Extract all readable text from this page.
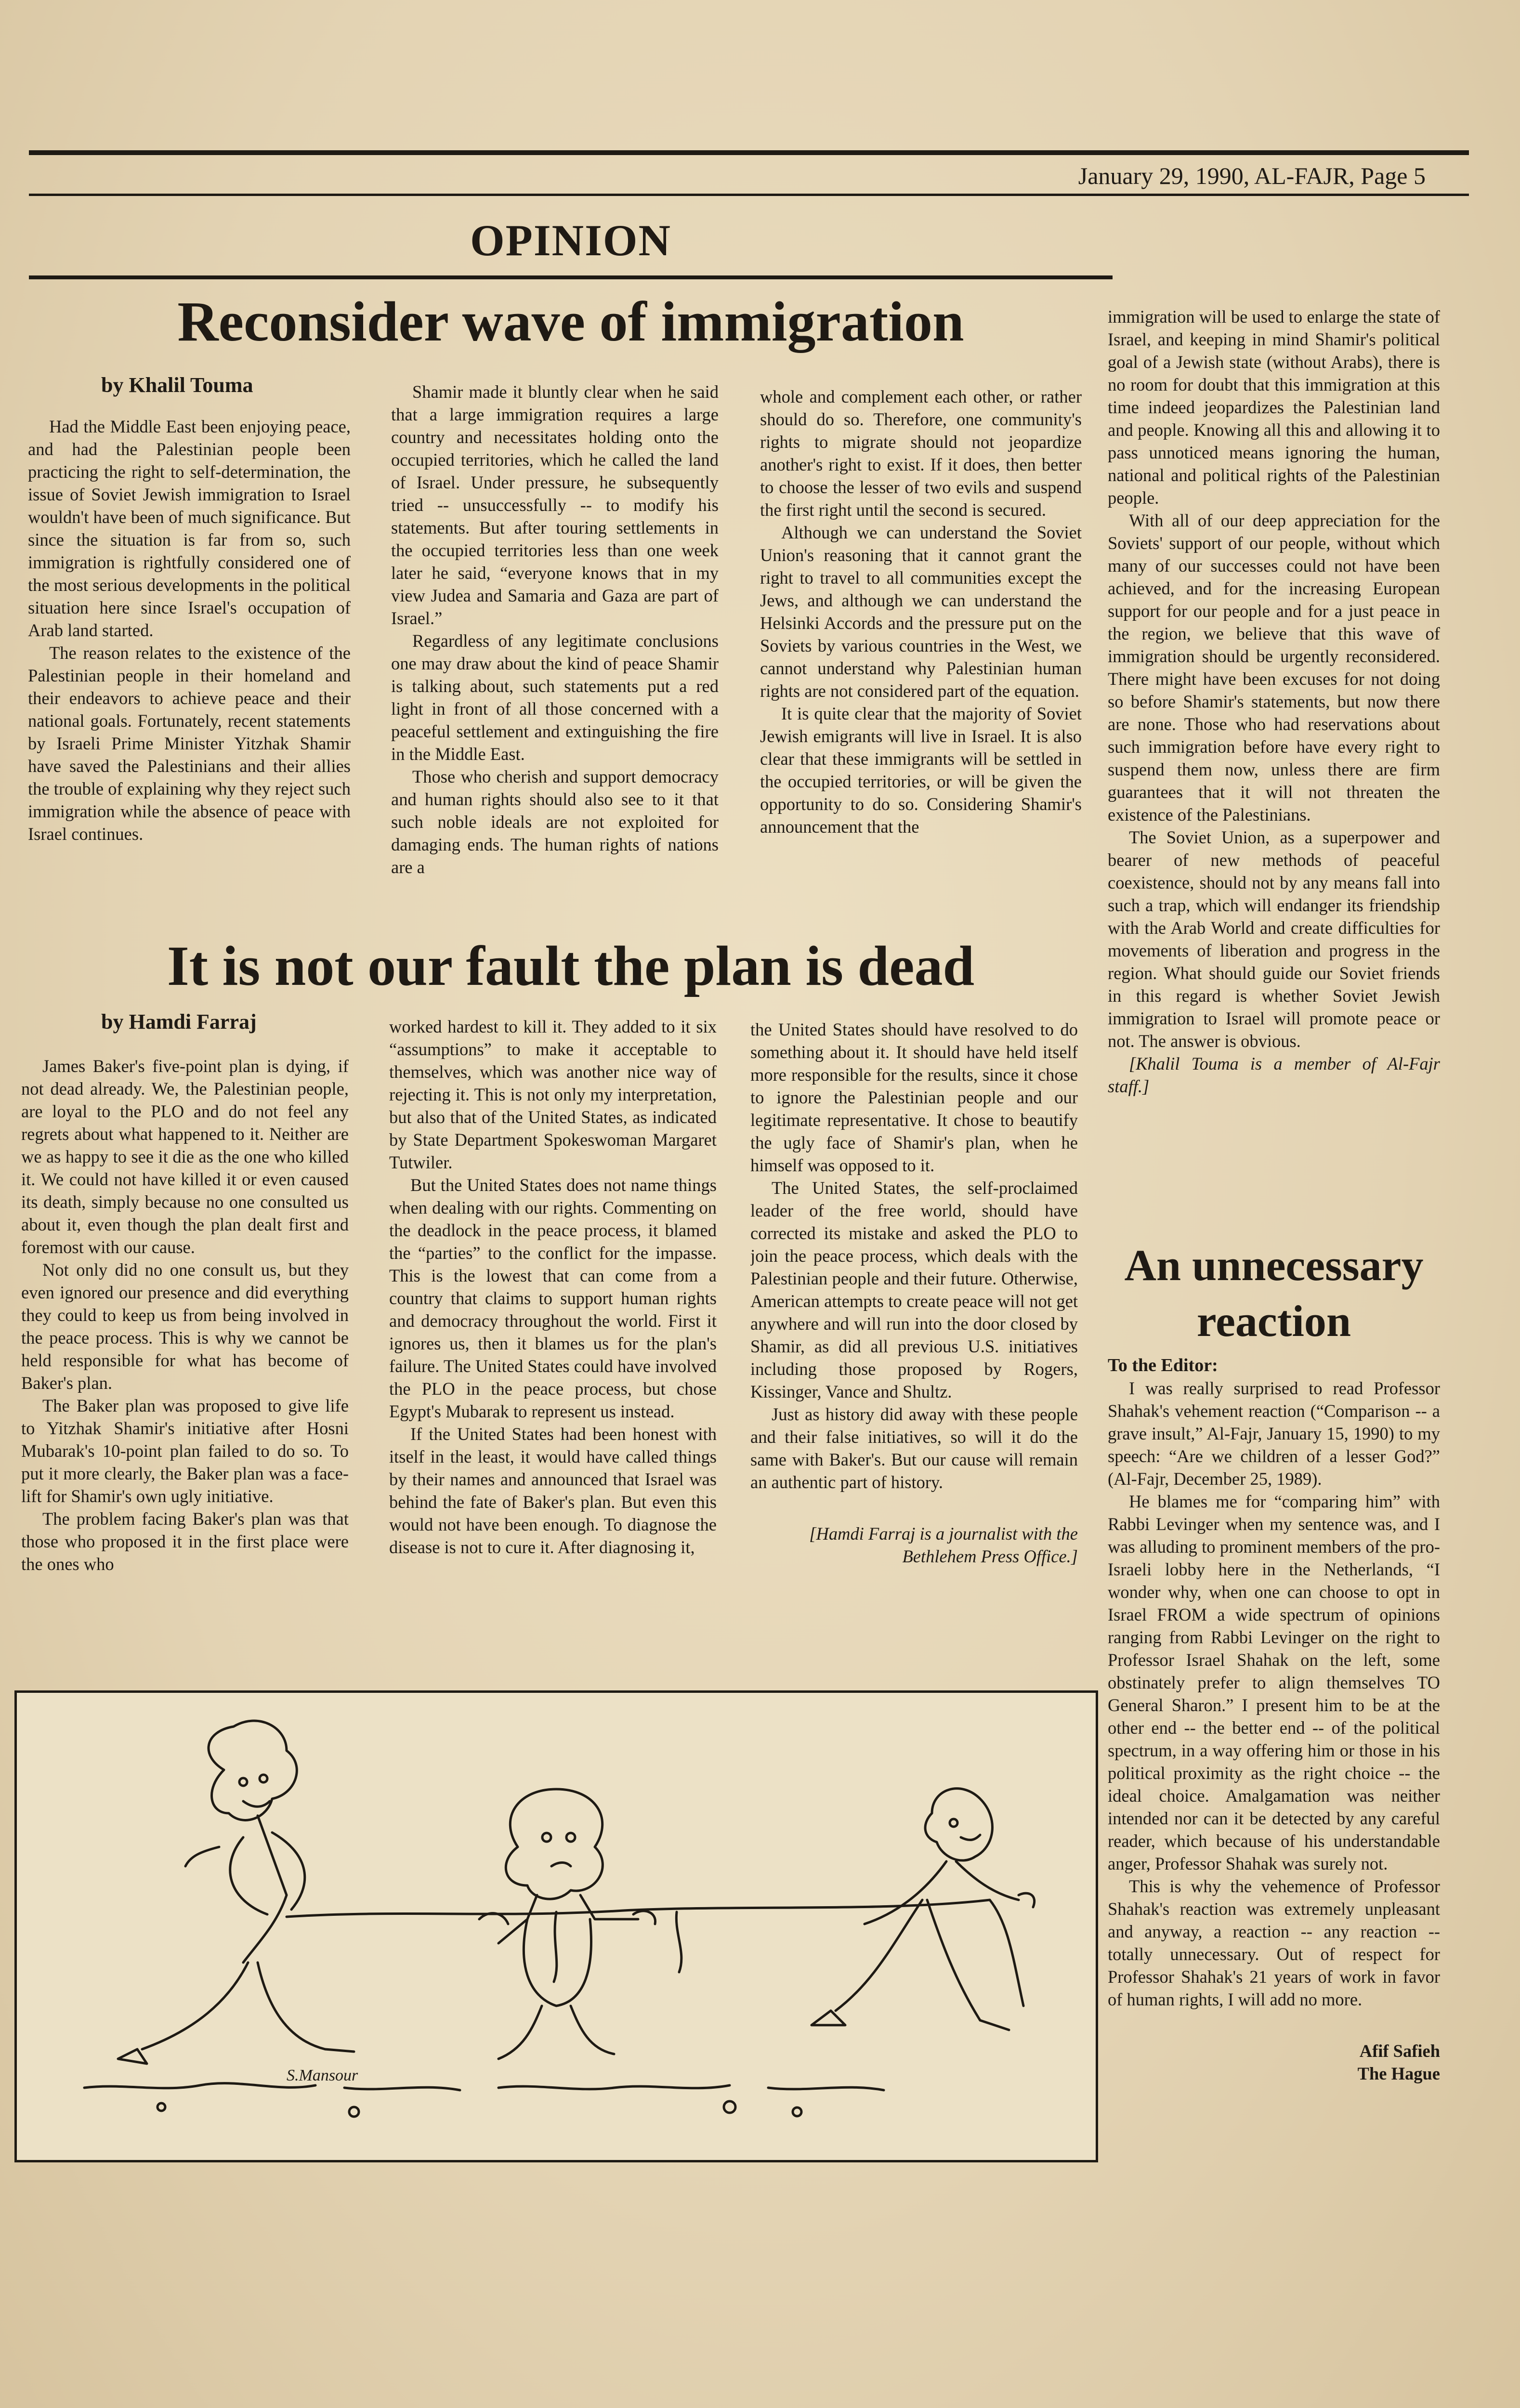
January 29, 1990, AL-FAJR, Page 5
OPINION
Reconsider wave of immigration
by Khalil Touma

Had the Middle East been enjoying peace, and had the Palestinian people been practicing the right to self-determination, the issue of Soviet Jewish immigration to Israel wouldn't have been of much significance. But since the situation is far from so, such immigration is rightfully considered one of the most serious developments in the political situation here since Israel's occupation of Arab land started.

The reason relates to the existence of the Palestinian people in their homeland and their endeavors to achieve peace and their national goals. Fortunately, recent statements by Israeli Prime Minister Yitzhak Shamir have saved the Palestinians and their allies the trouble of explaining why they reject such immigration while the absence of peace with Israel continues.

Shamir made it bluntly clear when he said that a large immigration requires a large country and necessitates holding onto the occupied territories, which he called the land of Israel. Under pressure, he subsequently tried -- unsuccessfully -- to modify his statements. But after touring settlements in the occupied territories less than one week later he said, “everyone knows that in my view Judea and Samaria and Gaza are part of Israel.”

Regardless of any legitimate conclusions one may draw about the kind of peace Shamir is talking about, such statements put a red light in front of all those concerned with a peaceful settlement and extinguishing the fire in the Middle East.

Those who cherish and support democracy and human rights should also see to it that such noble ideals are not exploited for damaging ends. The human rights of nations are a

whole and complement each other, or rather should do so. Therefore, one community's rights to migrate should not jeopardize another's right to exist. If it does, then better to choose the lesser of two evils and suspend the first right until the second is secured.

Although we can understand the Soviet Union's reasoning that it cannot grant the right to travel to all communities except the Jews, and although we can understand the Helsinki Accords and the pressure put on the Soviets by various countries in the West, we cannot understand why Palestinian human rights are not considered part of the equation.

It is quite clear that the majority of Soviet Jewish emigrants will live in Israel. It is also clear that these immigrants will be settled in the occupied territories, or will be given the opportunity to do so. Considering Shamir's announcement that the

immigration will be used to enlarge the state of Israel, and keeping in mind Shamir's political goal of a Jewish state (without Arabs), there is no room for doubt that this immigration at this time indeed jeopardizes the Palestinian land and people. Knowing all this and allowing it to pass unnoticed means ignoring the human, national and political rights of the Palestinian people.

With all of our deep appreciation for the Soviets' support of our people, without which many of our successes could not have been achieved, and for the increasing European support for our people and for a just peace in the region, we believe that this wave of immigration should be urgently reconsidered. There might have been excuses for not doing so before Shamir's statements, but now there are none. Those who had reservations about such immigration before have every right to suspend them now, unless there are firm guarantees that it will not threaten the existence of the Palestinians.

The Soviet Union, as a superpower and bearer of new methods of peaceful coexistence, should not by any means fall into such a trap, which will endanger its friendship with the Arab World and create difficulties for movements of liberation and progress in the region. What should guide our Soviet friends in this regard is whether Soviet Jewish immigration to Israel will promote peace or not. The answer is obvious.

[Khalil Touma is a member of Al-Fajr staff.]

An unnecessary
reaction

To the Editor:

I was really surprised to read Professor Shahak's vehement reaction (“Comparison -- a grave insult,” Al-Fajr, January 15, 1990) to my speech: “Are we children of a lesser God?” (Al-Fajr, December 25, 1989).

He blames me for “comparing him” with Rabbi Levinger when my sentence was, and I was alluding to prominent members of the pro-Israeli lobby here in the Netherlands, “I wonder why, when one can choose to opt in Israel FROM a wide spectrum of opinions ranging from Rabbi Levinger on the right to Professor Israel Shahak on the left, some obstinately prefer to align themselves TO General Sharon.” I present him to be at the other end -- the better end -- of the political spectrum, in a way offering him or those in his political proximity as the right choice -- the ideal choice. Amalgamation was neither intended nor can it be detected by any careful reader, which because of his understandable anger, Professor Shahak was surely not.

This is why the vehemence of Professor Shahak's reaction was extremely unpleasant and anyway, a reaction -- any reaction -- totally unnecessary. Out of respect for Professor Shahak's 21 years of work in favor of human rights, I will add no more.

Afif Safieh

The Hague

It is not our fault the plan is dead
by Hamdi Farraj

James Baker's five-point plan is dying, if not dead already. We, the Palestinian people, are loyal to the PLO and do not feel any regrets about what happened to it. Neither are we as happy to see it die as the one who killed it. We could not have killed it or even caused its death, simply because no one consulted us about it, even though the plan dealt first and foremost with our cause.

Not only did no one consult us, but they even ignored our presence and did everything they could to keep us from being involved in the peace process. This is why we cannot be held responsible for what has become of Baker's plan.

The Baker plan was proposed to give life to Yitzhak Shamir's initiative after Hosni Mubarak's 10-point plan failed to do so. To put it more clearly, the Baker plan was a face-lift for Shamir's own ugly initiative.

The problem facing Baker's plan was that those who proposed it in the first place were the ones who

worked hardest to kill it. They added to it six “assumptions” to make it acceptable to themselves, which was another nice way of rejecting it. This is not only my interpretation, but also that of the United States, as indicated by State Department Spokeswoman Margaret Tutwiler.

But the United States does not name things when dealing with our rights. Commenting on the deadlock in the peace process, it blamed the “parties” to the conflict for the impasse. This is the lowest that can come from a country that claims to support human rights and democracy throughout the world. First it ignores us, then it blames us for the plan's failure. The United States could have involved the PLO in the peace process, but chose Egypt's Mubarak to represent us instead.

If the United States had been honest with itself in the least, it would have called things by their names and announced that Israel was behind the fate of Baker's plan. But even this would not have been enough. To diagnose the disease is not to cure it. After diagnosing it,

the United States should have resolved to do something about it. It should have held itself more responsible for the results, since it chose to ignore the Palestinian people and our legitimate representative. It chose to beautify the ugly face of Shamir's plan, when he himself was opposed to it.

The United States, the self-proclaimed leader of the free world, should have corrected its mistake and asked the PLO to join the peace process, which deals with the Palestinian people and their future. Otherwise, American attempts to create peace will not get anywhere and will run into the door closed by Shamir, as did all previous U.S. initiatives including those proposed by Rogers, Kissinger, Vance and Shultz.

Just as history did away with these people and their false initiatives, so will it do the same with Baker's. But our cause will remain an authentic part of history.

[Hamdi Farraj is a journalist with the Bethlehem Press Office.]

S.Mansour
